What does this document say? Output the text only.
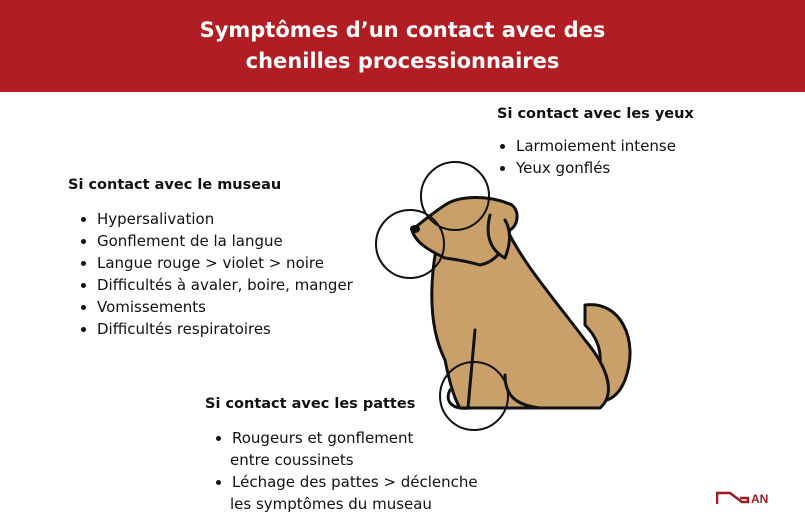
Symptômes d’un contact avec des
chenilles processionnaires
Si contact avec les yeux
• Larmoiement intense
• Yeux gonflés
Si contact avec le museau
• Hypersalivation
• Gonflement de la langue
• Langue rouge > violet > noire
• Difficultés à avaler, boire, manger
• Vomissements
• Difficultés respiratoires
Si contact avec les pattes
• Rougeurs et gonflement
entre coussinets
• Léchage des pattes > déclenche
les symptômes du museau	AN
